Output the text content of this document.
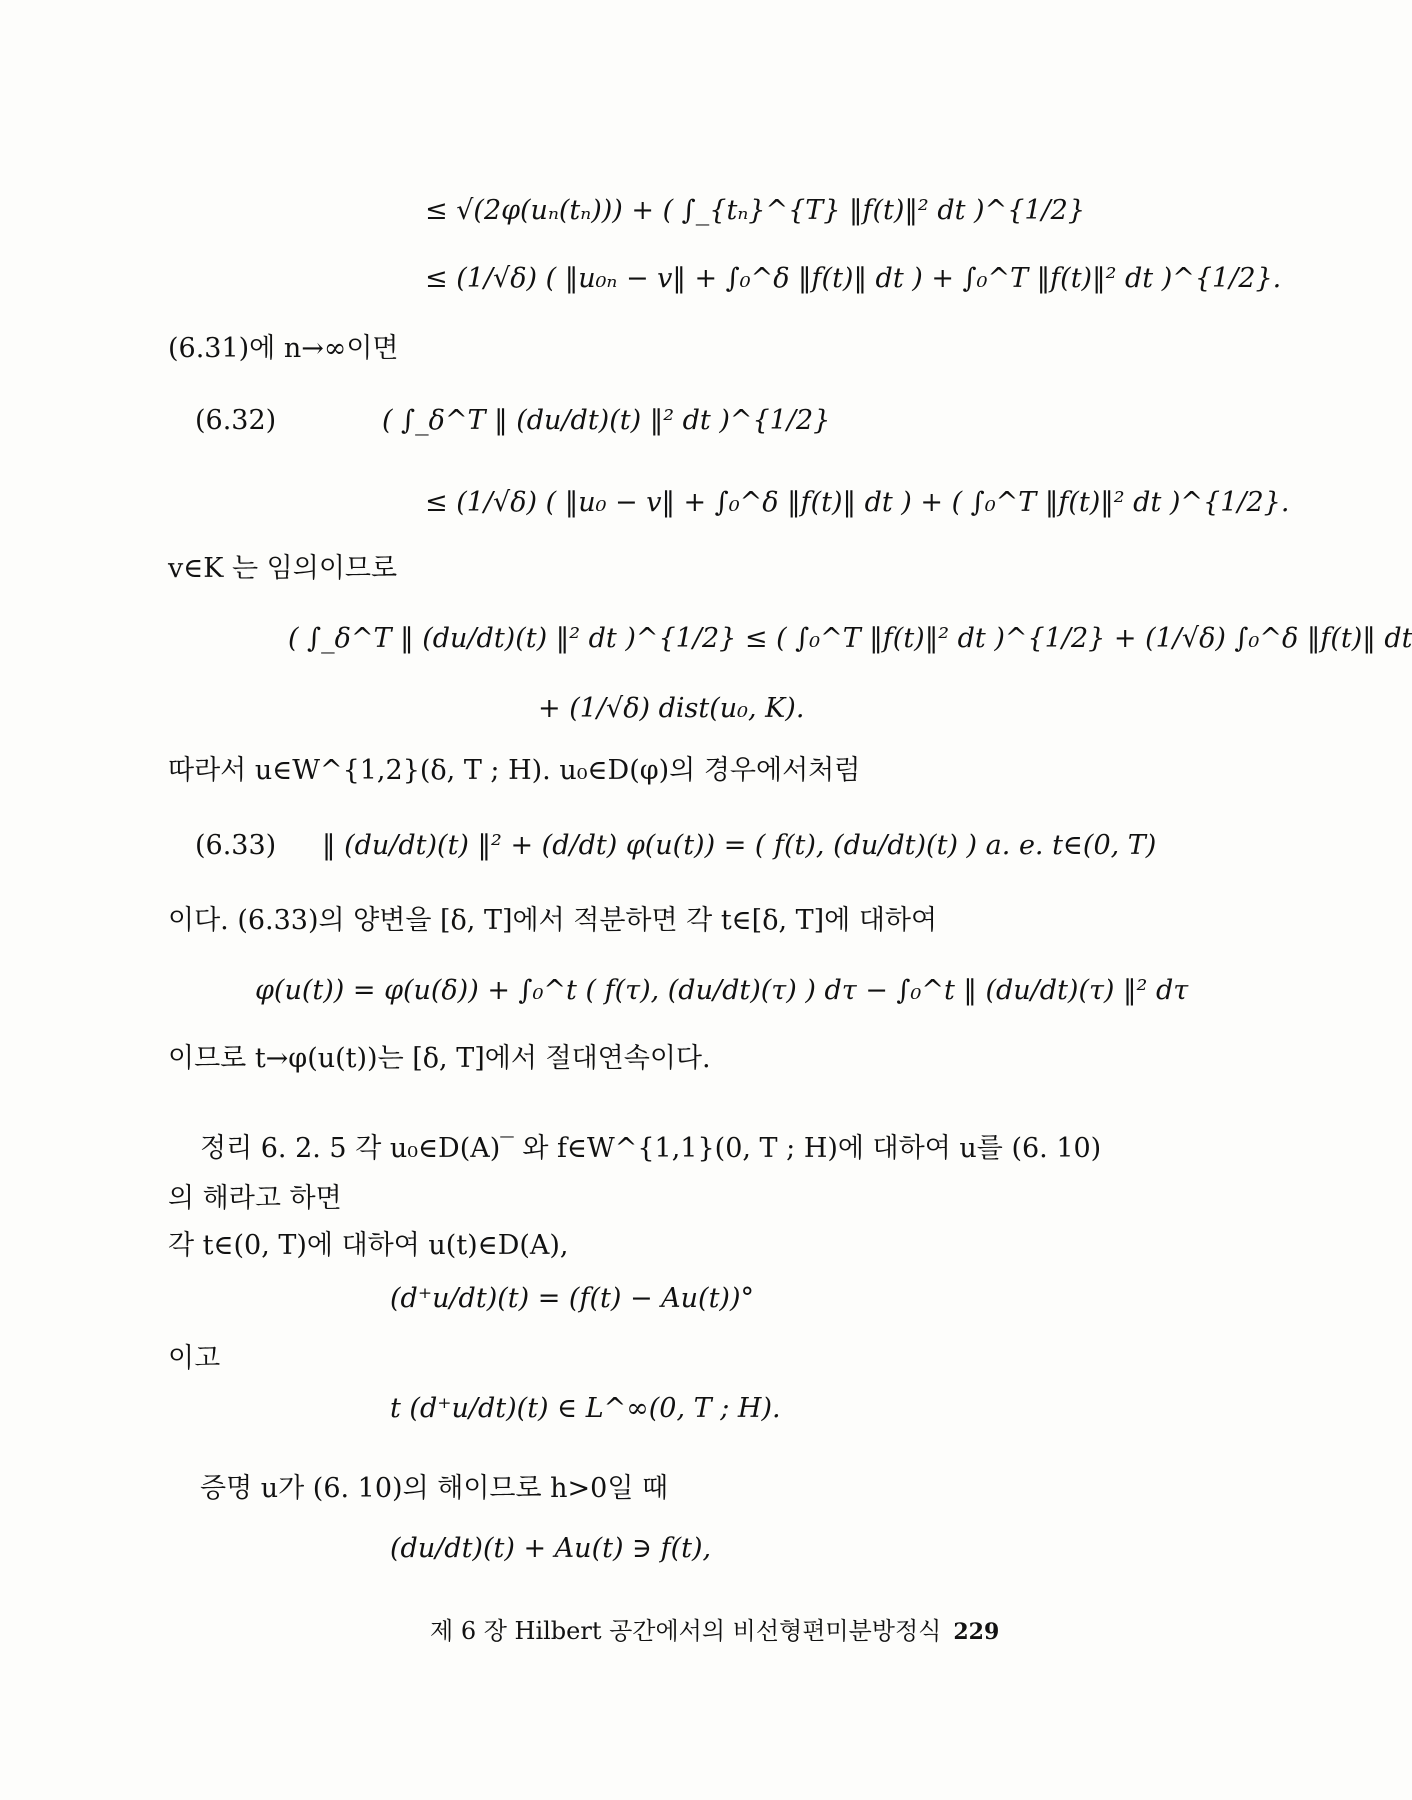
≤ √(2φ(uₙ(tₙ))) + ( ∫_{tₙ}^{T} ‖f(t)‖² dt )^{1/2}
≤ (1/√δ) ( ‖u₀ₙ − v‖ + ∫₀^δ ‖f(t)‖ dt ) + ∫₀^T ‖f(t)‖² dt )^{1/2}.
(6.31)에 n→∞이면
(6.32)	( ∫_δ^T ‖ (du/dt)(t) ‖² dt )^{1/2}
≤ (1/√δ) ( ‖u₀ − v‖ + ∫₀^δ ‖f(t)‖ dt ) + ( ∫₀^T ‖f(t)‖² dt )^{1/2}.
v∈K 는 임의이므로
( ∫_δ^T ‖ (du/dt)(t) ‖² dt )^{1/2} ≤ ( ∫₀^T ‖f(t)‖² dt )^{1/2} + (1/√δ) ∫₀^δ ‖f(t)‖ dt
+ (1/√δ) dist(u₀, K).
따라서 u∈W^{1,2}(δ, T ; H). u₀∈D(φ)의 경우에서처럼
(6.33) ‖ (du/dt)(t) ‖² + (d/dt) φ(u(t)) = ( f(t), (du/dt)(t) ) a. e. t∈(0, T)
이다. (6.33)의 양변을 [δ, T]에서 적분하면 각 t∈[δ, T]에 대하여
φ(u(t)) = φ(u(δ)) + ∫₀^t ( f(τ), (du/dt)(τ) ) dτ − ∫₀^t ‖ (du/dt)(τ) ‖² dτ
이므로 t→φ(u(t))는 [δ, T]에서 절대연속이다.
정리 6. 2. 5 각 u₀∈D(A)‾ 와 f∈W^{1,1}(0, T ; H)에 대하여 u를 (6. 10)
의 해라고 하면
각 t∈(0, T)에 대하여 u(t)∈D(A),
(d⁺u/dt)(t) = (f(t) − Au(t))°
이고
t (d⁺u/dt)(t) ∈ L^∞(0, T ; H).
증명 u가 (6. 10)의 해이므로 h>0일 때
(du/dt)(t) + Au(t) ∋ f(t),
제 6 장 Hilbert 공간에서의 비선형편미분방정식 229
